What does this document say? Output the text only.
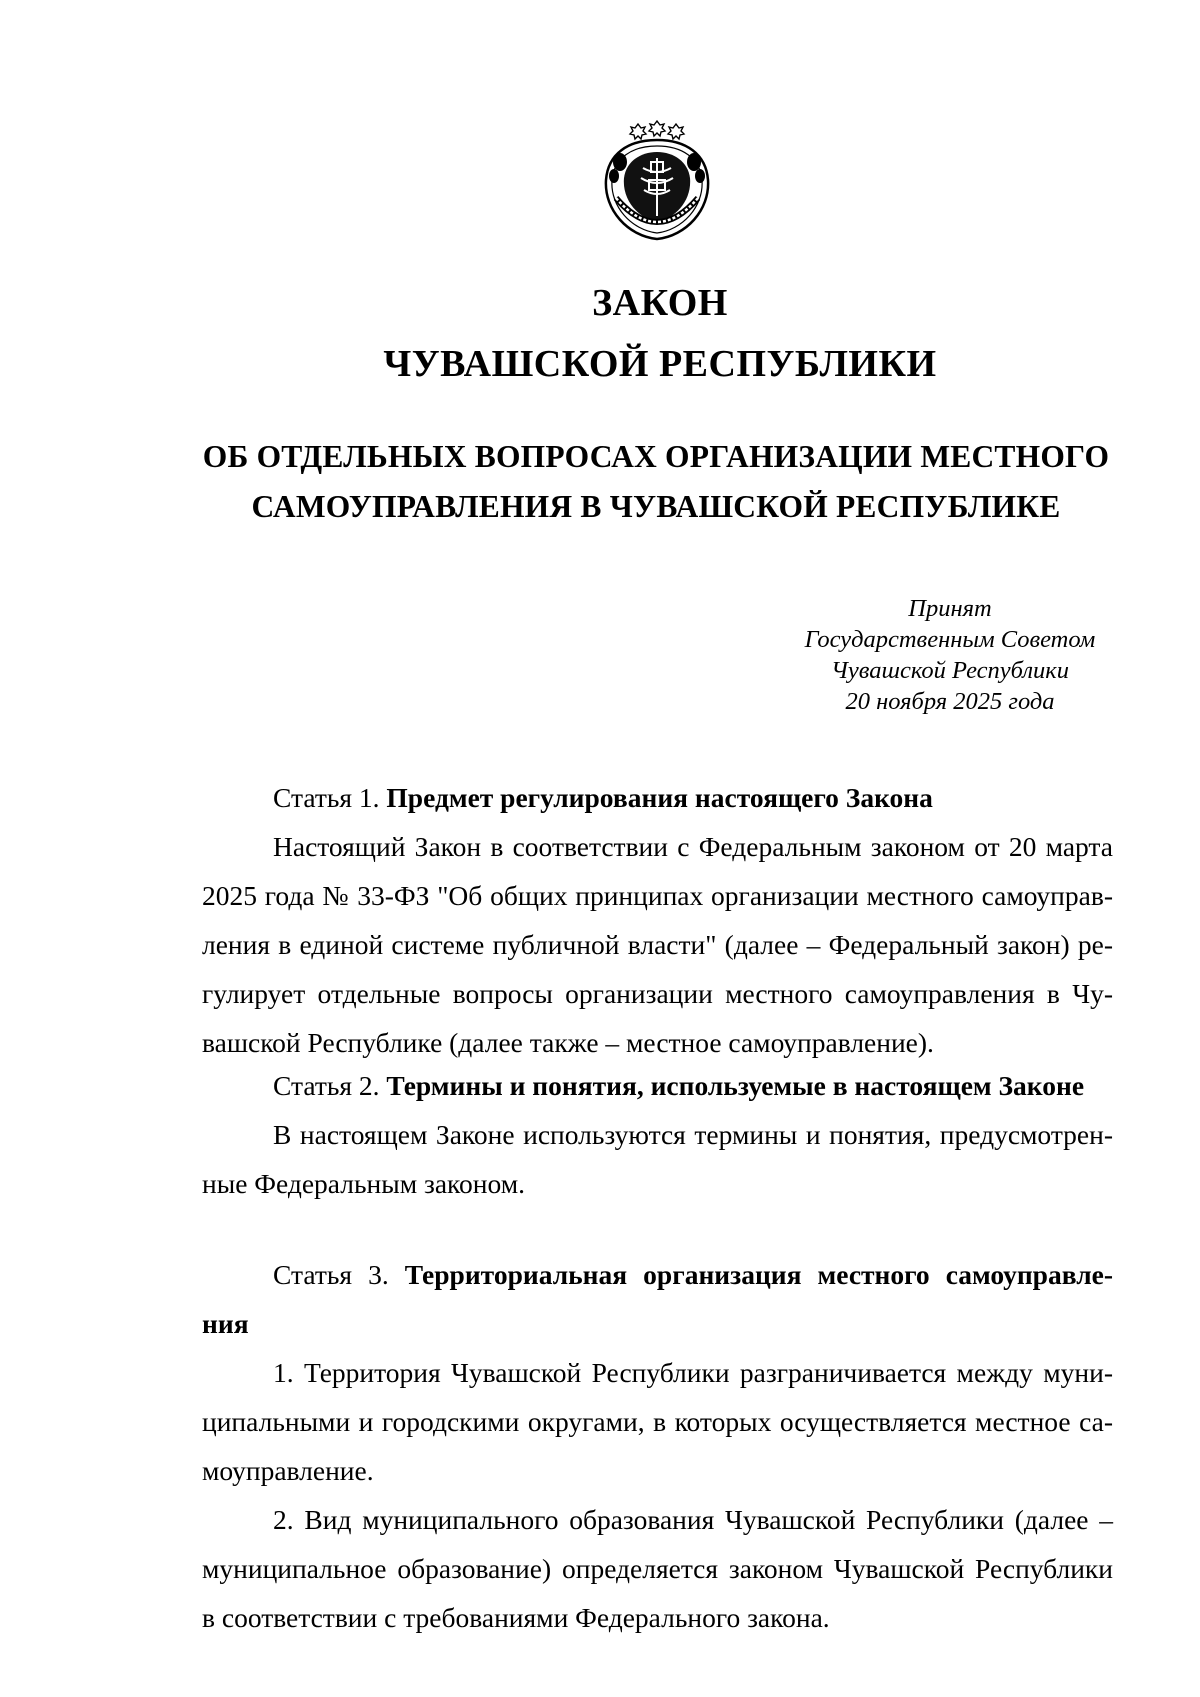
ЗАКОН
ЧУВАШСКОЙ РЕСПУБЛИКИ
ОБ ОТДЕЛЬНЫХ ВОПРОСАХ ОРГАНИЗАЦИИ МЕСТНОГО
САМОУПРАВЛЕНИЯ В ЧУВАШСКОЙ РЕСПУБЛИКЕ
Принят
Государственным Советом
Чувашской Республики
20 ноября 2025 года
Статья 1. Предмет регулирования настоящего Закона
Настоящий Закон в соответствии с Федеральным законом от 20 марта
2025 года № 33-ФЗ "Об общих принципах организации местного самоуправ-
ления в единой системе публичной власти" (далее – Федеральный закон) ре-
гулирует отдельные вопросы организации местного самоуправления в Чу-
вашской Республике (далее также – местное самоуправление).
Статья 2. Термины и понятия, используемые в настоящем Законе
В настоящем Законе используются термины и понятия, предусмотрен-
ные Федеральным законом.
Статья 3. Территориальная организация местного самоуправле-
ния
1. Территория Чувашской Республики разграничивается между муни-
ципальными и городскими округами, в которых осуществляется местное са-
моуправление.
2. Вид муниципального образования Чувашской Республики (далее –
муниципальное образование) определяется законом Чувашской Республики
в соответствии с требованиями Федерального закона.
